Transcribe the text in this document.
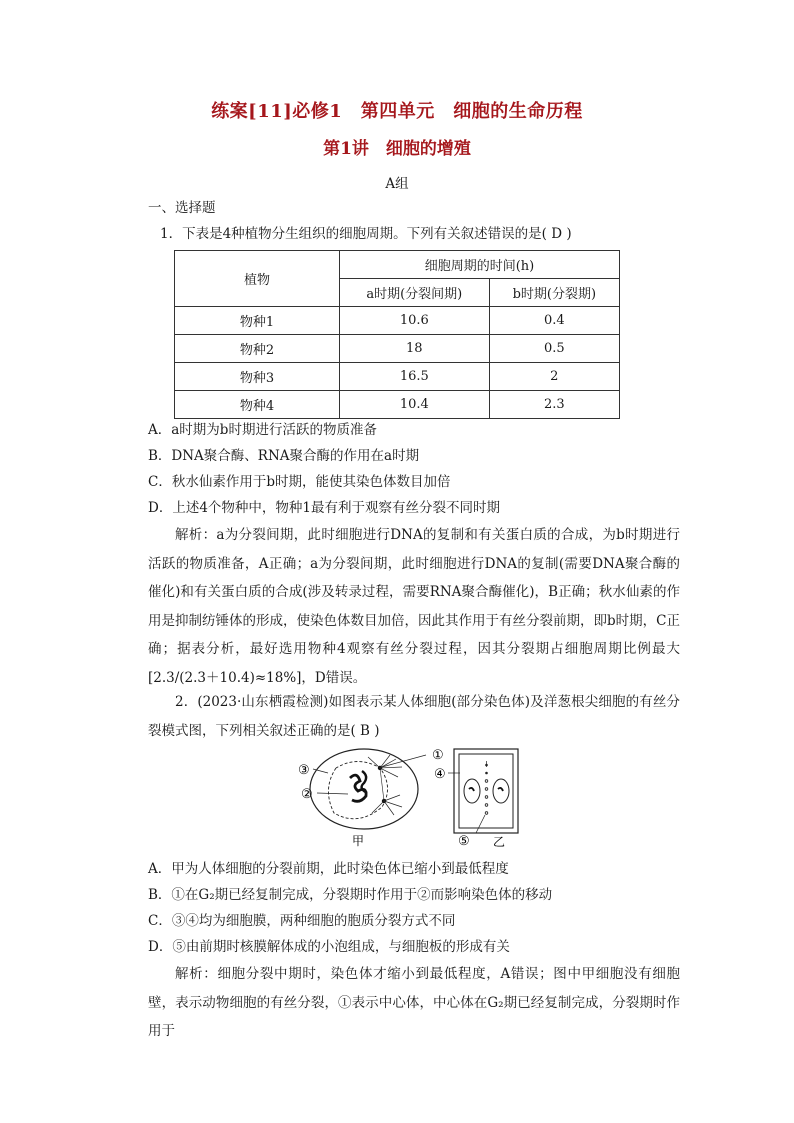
练案[11]必修1　第四单元　细胞的生命历程
第1讲　细胞的增殖
A组
一、选择题
1．下表是4种植物分生组织的细胞周期。下列有关叙述错误的是( D )
植物	细胞周期的时间(h)	
	a时期(分裂间期)	b时期(分裂期)
物种1	10.6	0.4
物种2	18	0.5
物种3	16.5	2
物种4	10.4	2.3
A．a时期为b时期进行活跃的物质准备
B．DNA聚合酶、RNA聚合酶的作用在a时期
C．秋水仙素作用于b时期，能使其染色体数目加倍
D．上述4个物种中，物种1最有利于观察有丝分裂不同时期
解析：a为分裂间期，此时细胞进行DNA的复制和有关蛋白质的合成，为b时期进行活跃的物质准备，A正确；a为分裂间期，此时细胞进行DNA的复制(需要DNA聚合酶的催化)和有关蛋白质的合成(涉及转录过程，需要RNA聚合酶催化)，B正确；秋水仙素的作用是抑制纺锤体的形成，使染色体数目加倍，因此其作用于有丝分裂前期，即b时期，C正确；据表分析，最好选用物种4观察有丝分裂过程，因其分裂期占细胞周期比例最大[2.3/(2.3＋10.4)≈18%]，D错误。
2．(2023·山东栖霞检测)如图表示某人体细胞(部分染色体)及洋葱根尖细胞的有丝分裂模式图，下列相关叙述正确的是( B )
①
③
②
甲
④
⑤ 乙
A．甲为人体细胞的分裂前期，此时染色体已缩小到最低程度
B．①在G₂期已经复制完成，分裂期时作用于②而影响染色体的移动
C．③④均为细胞膜，两种细胞的胞质分裂方式不同
D．⑤由前期时核膜解体成的小泡组成，与细胞板的形成有关
解析：细胞分裂中期时，染色体才缩小到最低程度，A错误；图中甲细胞没有细胞壁，表示动物细胞的有丝分裂，①表示中心体，中心体在G₂期已经复制完成，分裂期时作用于
